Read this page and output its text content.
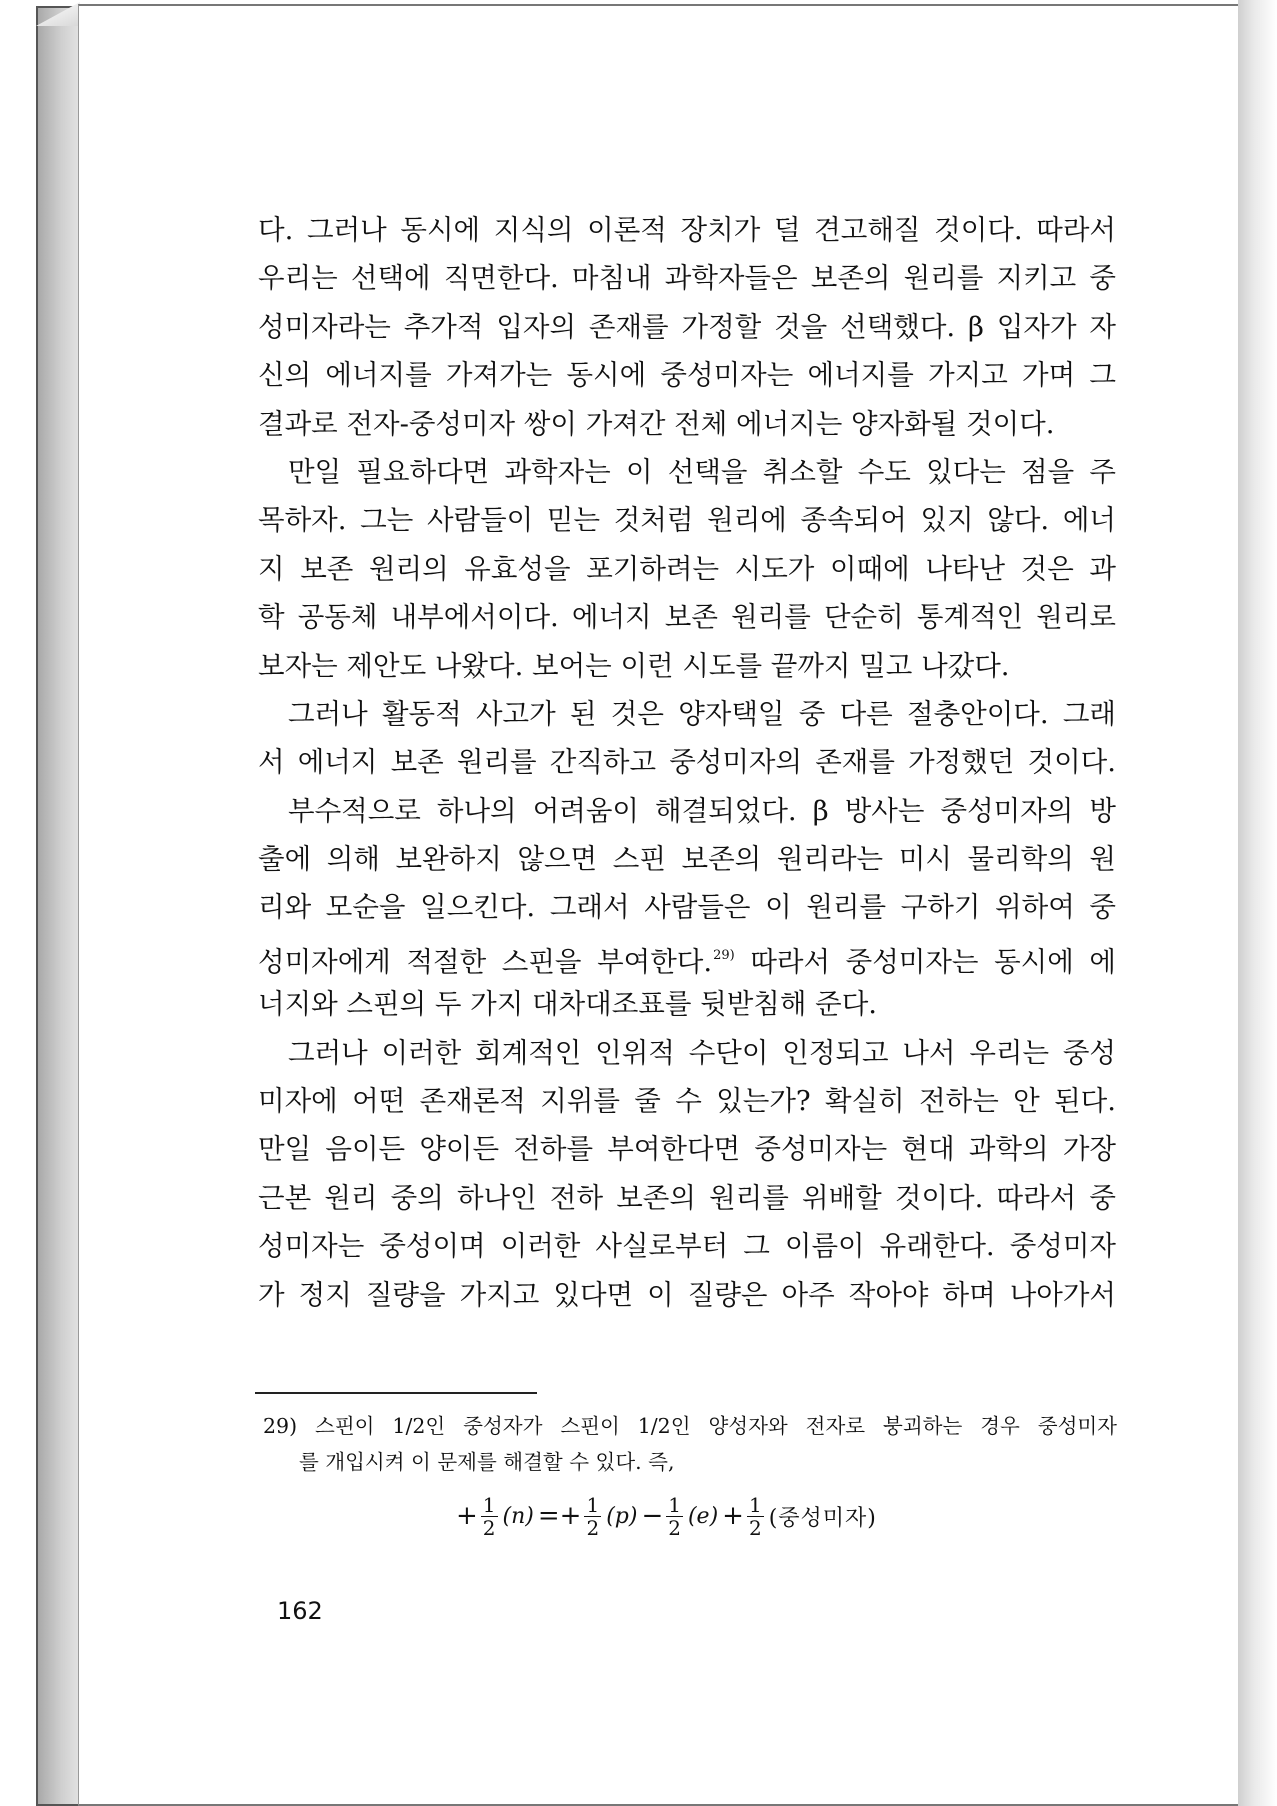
다. 그러나 동시에 지식의 이론적 장치가 덜 견고해질 것이다. 따라서
우리는 선택에 직면한다. 마침내 과학자들은 보존의 원리를 지키고 중
성미자라는 추가적 입자의 존재를 가정할 것을 선택했다. β 입자가 자
신의 에너지를 가져가는 동시에 중성미자는 에너지를 가지고 가며 그
결과로 전자-중성미자 쌍이 가져간 전체 에너지는 양자화될 것이다.
만일 필요하다면 과학자는 이 선택을 취소할 수도 있다는 점을 주
목하자. 그는 사람들이 믿는 것처럼 원리에 종속되어 있지 않다. 에너
지 보존 원리의 유효성을 포기하려는 시도가 이때에 나타난 것은 과
학 공동체 내부에서이다. 에너지 보존 원리를 단순히 통계적인 원리로
보자는 제안도 나왔다. 보어는 이런 시도를 끝까지 밀고 나갔다.
그러나 활동적 사고가 된 것은 양자택일 중 다른 절충안이다. 그래
서 에너지 보존 원리를 간직하고 중성미자의 존재를 가정했던 것이다.
부수적으로 하나의 어려움이 해결되었다. β 방사는 중성미자의 방
출에 의해 보완하지 않으면 스핀 보존의 원리라는 미시 물리학의 원
리와 모순을 일으킨다. 그래서 사람들은 이 원리를 구하기 위하여 중
성미자에게 적절한 스핀을 부여한다.$^{29)}$ 따라서 중성미자는 동시에 에
너지와 스핀의 두 가지 대차대조표를 뒷받침해 준다.
그러나 이러한 회계적인 인위적 수단이 인정되고 나서 우리는 중성
미자에 어떤 존재론적 지위를 줄 수 있는가? 확실히 전하는 안 된다.
만일 음이든 양이든 전하를 부여한다면 중성미자는 현대 과학의 가장
근본 원리 중의 하나인 전하 보존의 원리를 위배할 것이다. 따라서 중
성미자는 중성이며 이러한 사실로부터 그 이름이 유래한다. 중성미자
가 정지 질량을 가지고 있다면 이 질량은 아주 작아야 하며 나아가서
29) 스핀이 1/2인 중성자가 스핀이 1/2인 양성자와 전자로 붕괴하는 경우 중성미자
를 개입시켜 이 문제를 해결할 수 있다. 즉,
+ $\frac{1}{2} (n) =+ \frac{1}{2} (p) - \frac{1}{2} (e) + \frac{1}{2}$ (중성미자)
162
